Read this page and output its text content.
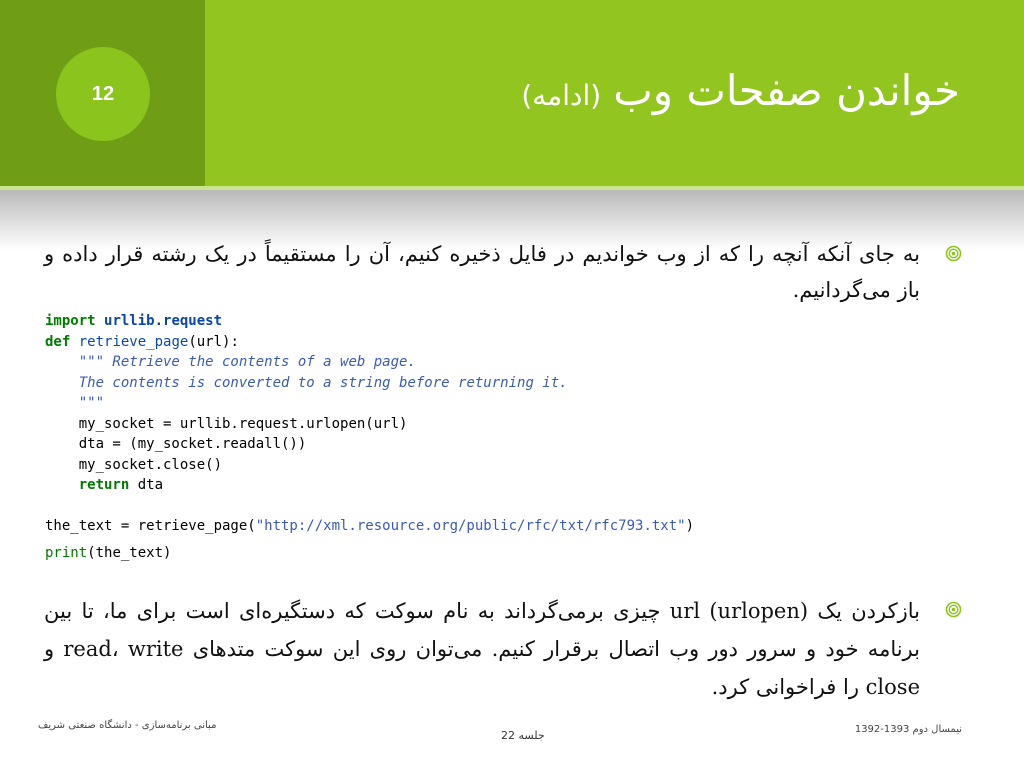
12	خواندن صفحات وب(ادامه)
به جای آنکه آنچه را که از وب خواندیم در فایل ذخیره کنیم، آن را مستقیماً در یک رشته قرار داده و باز می‌گردانیم.
import urllib.request
def retrieve_page(url):
""" Retrieve the contents of a web page.
The contents is converted to a string before returning it.
"""
my_socket = urllib.request.urlopen(url)
dta = (my_socket.readall())
my_socket.close()
return dta

the_text = retrieve_page("http://xml.resource.org/public/rfc/txt/rfc793.txt")

print(the_text)
بازکردن یک url (urlopen) چیزی برمی‌گرداند به نام سوکت که دستگیره‌ای است برای ما، تا بین برنامه خود و سرور دور وب اتصال برقرار کنیم. می‌توان روی این سوکت متدهای read، write و close را فراخوانی کرد.
مبانی برنامه‌سازی - دانشگاه صنعتی شریف
جلسه 22	نیمسال دوم 1393-1392
